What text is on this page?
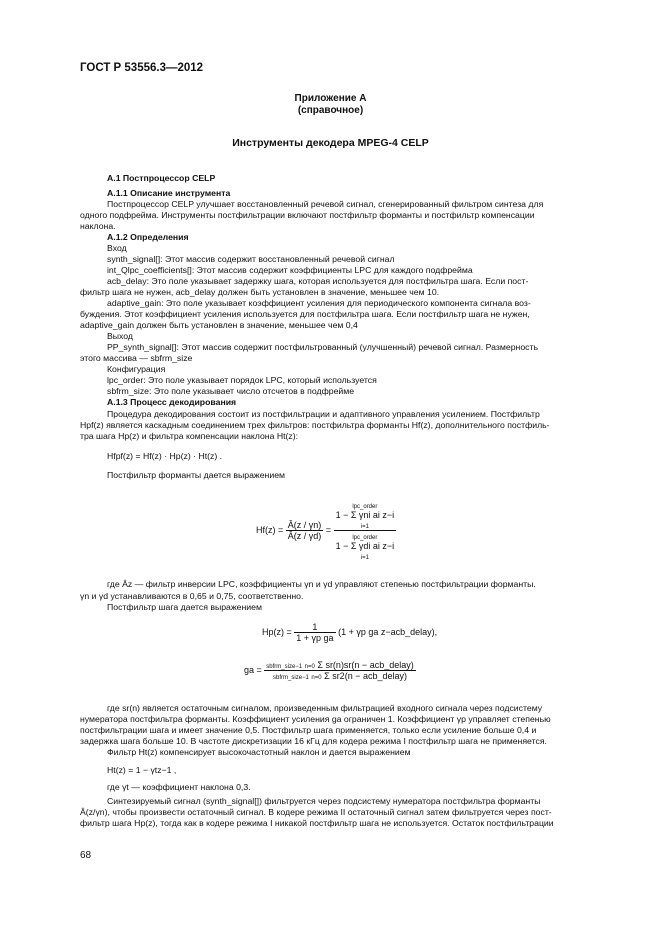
ГОСТ Р 53556.3—2012
Приложение А
(справочное)
Инструменты декодера MPEG-4 CELP
А.1 Постпроцессор CELP
А.1.1 Описание инструмента
Постпроцессор CELP улучшает восстановленный речевой сигнал, сгенерированный фильтром синтеза для
одного подфрейма. Инструменты постфильтрации включают постфильтр форманты и постфильтр компенсации
наклона.
А.1.2 Определения
Вход
synth_signal[]: Этот массив содержит восстановленный речевой сигнал
int_Qlpc_coefficients[]: Этот массив содержит коэффициенты LPC для каждого подфрейма
acb_delay: Это поле указывает задержку шага, которая используется для постфильтра шага. Если пост-
фильтр шага не нужен, acb_delay должен быть установлен в значение, меньшее чем 10.
adaptive_gain: Это поле указывает коэффициент усиления для периодического компонента сигнала воз-
буждения. Этот коэффициент усиления используется для постфильтра шага. Если постфильтр шага не нужен,
adaptive_gain должен быть установлен в значение, меньшее чем 0,4
Выход
PP_synth_signal[]: Этот массив содержит постфильтрованный (улучшенный) речевой сигнал. Размерность
этого массива — sbfrm_size
Конфигурация
lpc_order: Это поле указывает порядок LPC, который используется
sbfrm_size: Это поле указывает число отсчетов в подфрейме
А.1.3 Процесс декодирования
Процедура декодирования состоит из постфильтрации и адаптивного управления усилением. Постфильтр
Hpf(z) является каскадным соединением трех фильтров: постфильтра форманты Hf(z), дополнительного постфиль-
тра шага Hp(z) и фильтра компенсации наклона Ht(z):
Hfpf(z) = Hf(z) · Hp(z) · Ht(z) .
Постфильтр форманты дается выражением
$Hf(z) = \frac{Â(z / \gamma n)}{Â(z / \gamma d)}$ =
lpc_order
1 − Σ γni ai z−i
i=1
lpc_order
1 − Σ γdi ai z−i
i=1
где Âz — фильтр инверсии LPC, коэффициенты γn и γd управляют степенью постфильтрации форманты.
γn и γd устанавливаются в 0,65 и 0,75, соответственно.
Постфильтр шага дается выражением
$Hp(z) = \frac{1}{\text{1 + γp ga}} (1 + \gamma p$ ga z−acb_delay),
ga = $\frac{\text{sbfrm\_size−1 n=0 Σ sr(n)sr(n − acb\_delay)}}{\text{sbfrm\_size−1 n=0 Σ sr2(n − acb\_delay)}}$
где sr(n) является остаточным сигналом, произведенным фильтрацией входного сигнала через подсистему
нумератора постфильтра форманты. Коэффициент усиления ga ограничен 1. Коэффициент γp управляет степенью
постфильтрации шага и имеет значение 0,5. Постфильтр шага применяется, только если усиление больше 0,4 и
задержка шага больше 10. В частоте дискретизации 16 кГц для кодера режима I постфильтр шага не применяется.
Фильтр Ht(z) компенсирует высокочастотный наклон и дается выражением
Ht(z) = 1 − γtz−1 ,
где γt — коэффициент наклона 0,3.
Синтезируемый сигнал (synth_signal[]) фильтруется через подсистему нумератора постфильтра форманты
Â(z/γn), чтобы произвести остаточный сигнал. В кодере режима II остаточный сигнал затем фильтруется через пост-
фильтр шага Hp(z), тогда как в кодере режима I никакой постфильтр шага не используется. Остаток постфильтрации
68
